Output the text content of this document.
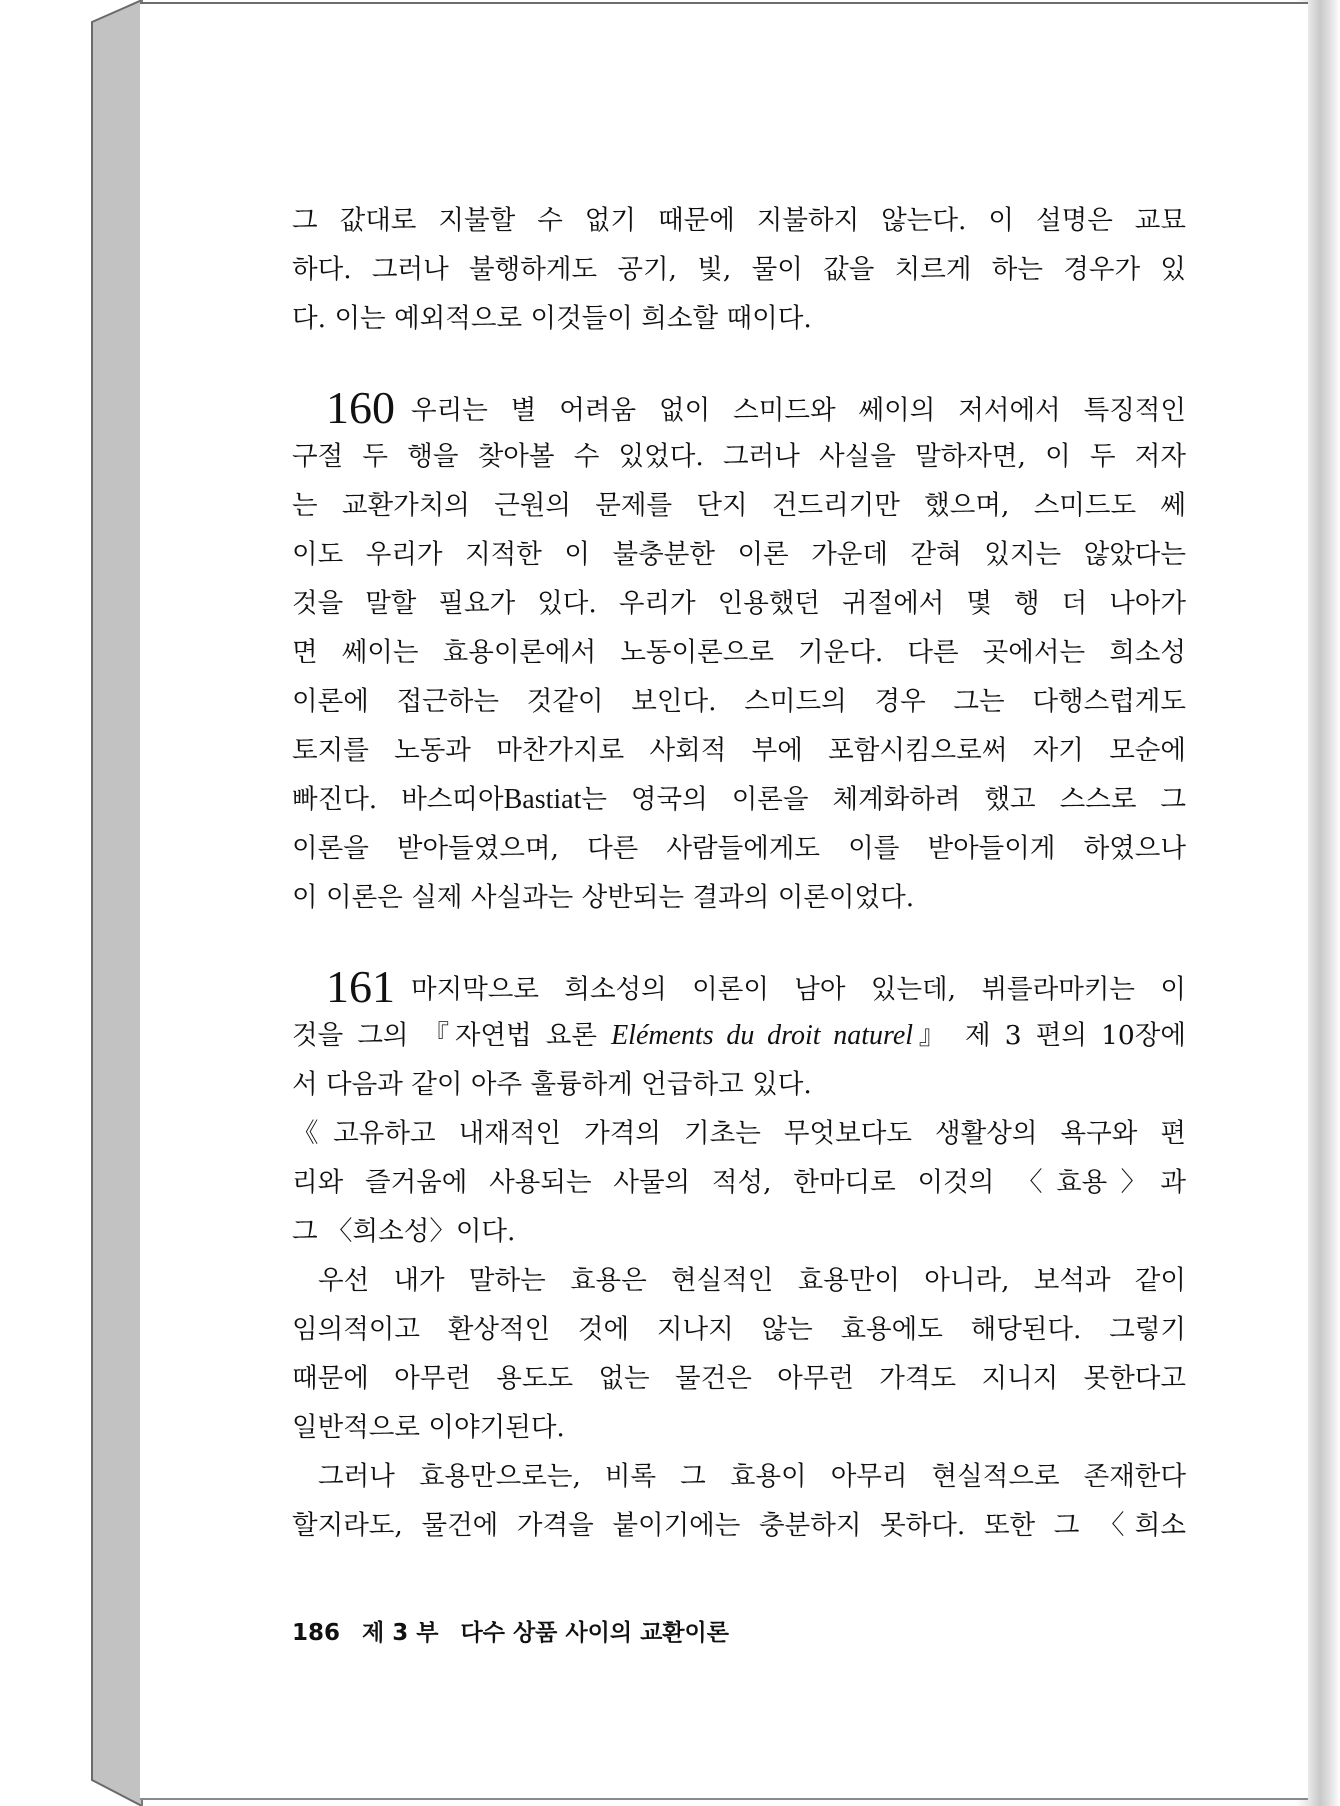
그 값대로 지불할 수 없기 때문에 지불하지 않는다. 이 설명은 교묘
하다. 그러나 불행하게도 공기, 빛, 물이 값을 치르게 하는 경우가 있
다. 이는 예외적으로 이것들이 희소할 때이다.
160 우리는 별 어려움 없이 스미드와 쎄이의 저서에서 특징적인
구절 두 행을 찾아볼 수 있었다. 그러나 사실을 말하자면, 이 두 저자
는 교환가치의 근원의 문제를 단지 건드리기만 했으며, 스미드도 쎄
이도 우리가 지적한 이 불충분한 이론 가운데 갇혀 있지는 않았다는
것을 말할 필요가 있다. 우리가 인용했던 귀절에서 몇 행 더 나아가
면 쎄이는 효용이론에서 노동이론으로 기운다. 다른 곳에서는 희소성
이론에 접근하는 것같이 보인다. 스미드의 경우 그는 다행스럽게도
토지를 노동과 마찬가지로 사회적 부에 포함시킴으로써 자기 모순에
빠진다. 바스띠아Bastiat는 영국의 이론을 체계화하려 했고 스스로 그
이론을 받아들였으며, 다른 사람들에게도 이를 받아들이게 하였으나
이 이론은 실제 사실과는 상반되는 결과의 이론이었다.
161 마지막으로 희소성의 이론이 남아 있는데, 뷔를라마키는 이
것을 그의 『자연법 요론 Eléments du droit naturel』 제 3 편의 10장에
서 다음과 같이 아주 훌륭하게 언급하고 있다.
《고유하고 내재적인 가격의 기초는 무엇보다도 생활상의 욕구와 편
리와 즐거움에 사용되는 사물의 적성, 한마디로 이것의 〈효용〉과
그 〈희소성〉이다.
우선 내가 말하는 효용은 현실적인 효용만이 아니라, 보석과 같이
임의적이고 환상적인 것에 지나지 않는 효용에도 해당된다. 그렇기
때문에 아무런 용도도 없는 물건은 아무런 가격도 지니지 못한다고
일반적으로 이야기된다.
그러나 효용만으로는, 비록 그 효용이 아무리 현실적으로 존재한다
할지라도, 물건에 가격을 붙이기에는 충분하지 못하다. 또한 그 〈희소
186 제 3 부 다수 상품 사이의 교환이론
